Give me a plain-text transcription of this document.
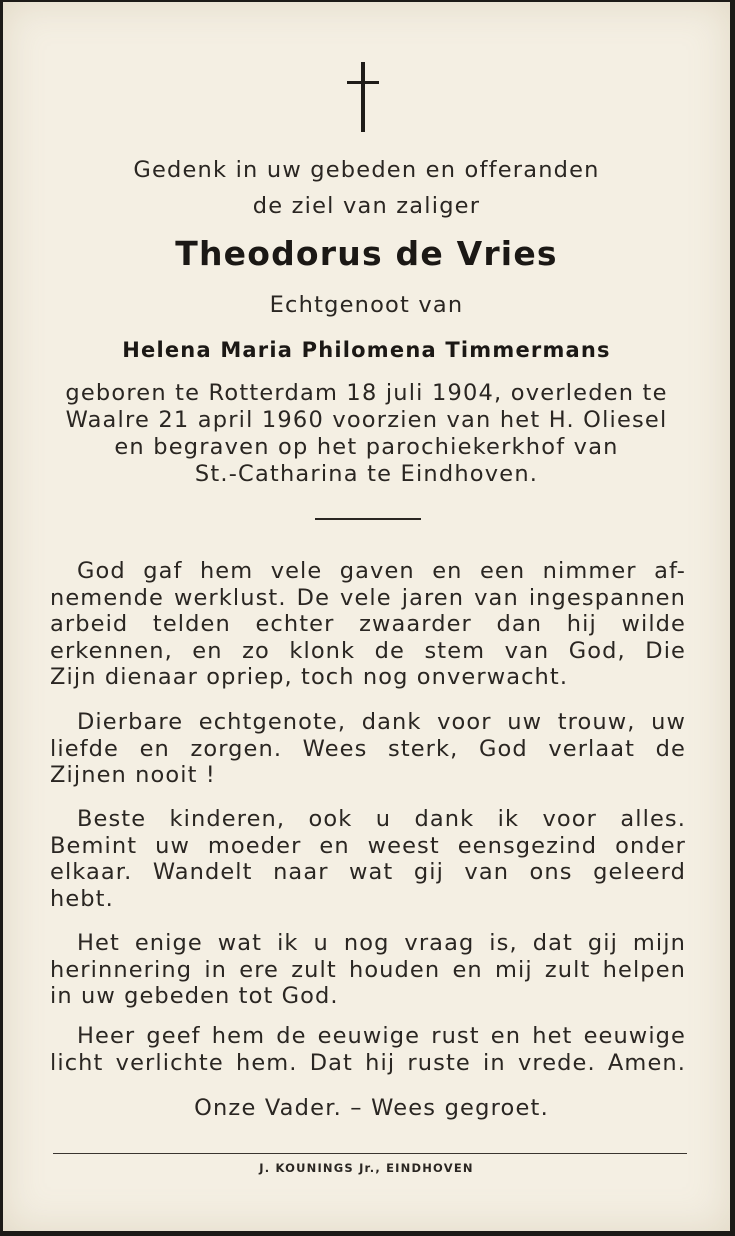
Gedenk in uw gebeden en offeranden
de ziel van zaliger
Theodorus de Vries
Echtgenoot van
Helena Maria Philomena Timmermans
geboren te Rotterdam 18 juli 1904, overleden te
Waalre 21 april 1960 voorzien van het H. Oliesel
en begraven op het parochiekerkhof van
St.-Catharina te Eindhoven.
God gaf hem vele gaven en een nimmer af-
nemende werklust. De vele jaren van ingespannen
arbeid telden echter zwaarder dan hij wilde
erkennen, en zo klonk de stem van God, Die
Zijn dienaar opriep, toch nog onverwacht.
Dierbare echtgenote, dank voor uw trouw, uw
liefde en zorgen. Wees sterk, God verlaat de
Zijnen nooit !
Beste kinderen, ook u dank ik voor alles.
Bemint uw moeder en weest eensgezind onder
elkaar. Wandelt naar wat gij van ons geleerd
hebt.
Het enige wat ik u nog vraag is, dat gij mijn
herinnering in ere zult houden en mij zult helpen
in uw gebeden tot God.
Heer geef hem de eeuwige rust en het eeuwige
licht verlichte hem. Dat hij ruste in vrede. Amen.
Onze Vader. – Wees gegroet.
J. KOUNINGS Jr., EINDHOVEN
